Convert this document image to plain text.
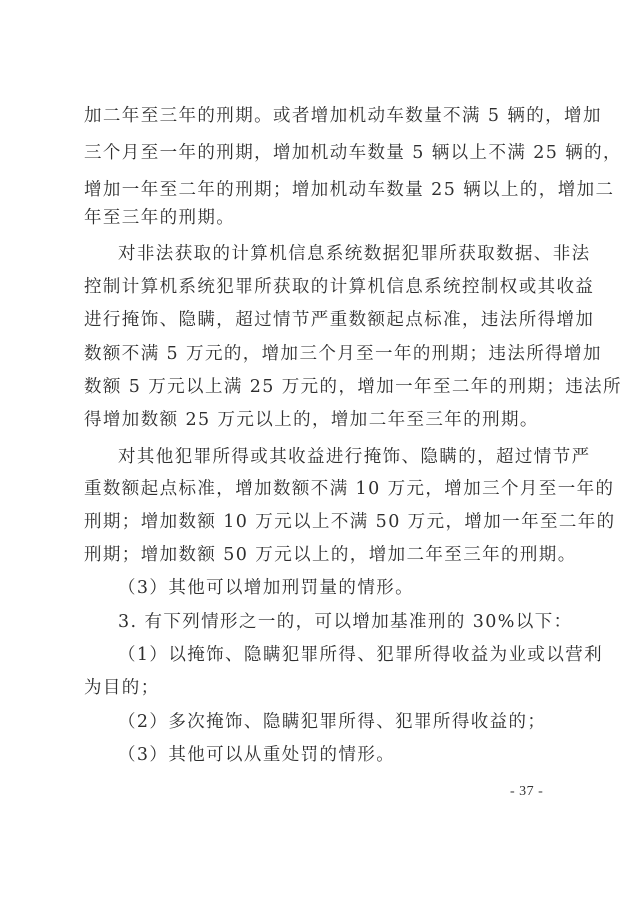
加二年至三年的刑期。或者增加机动车数量不满 5 辆的，增加
三个月至一年的刑期，增加机动车数量 5 辆以上不满 25 辆的，
增加一年至二年的刑期；增加机动车数量 25 辆以上的，增加二
年至三年的刑期。
对非法获取的计算机信息系统数据犯罪所获取数据、非法
控制计算机系统犯罪所获取的计算机信息系统控制权或其收益
进行掩饰、隐瞒，超过情节严重数额起点标准，违法所得增加
数额不满 5 万元的，增加三个月至一年的刑期；违法所得增加
数额 5 万元以上满 25 万元的，增加一年至二年的刑期；违法所
得增加数额 25 万元以上的，增加二年至三年的刑期。
对其他犯罪所得或其收益进行掩饰、隐瞒的，超过情节严
重数额起点标准，增加数额不满 10 万元，增加三个月至一年的
刑期；增加数额 10 万元以上不满 50 万元，增加一年至二年的
刑期；增加数额 50 万元以上的，增加二年至三年的刑期。
（3）其他可以增加刑罚量的情形。
3. 有下列情形之一的，可以增加基准刑的 30%以下：
（1）以掩饰、隐瞒犯罪所得、犯罪所得收益为业或以营利
为目的；
（2）多次掩饰、隐瞒犯罪所得、犯罪所得收益的；
（3）其他可以从重处罚的情形。
- 37 -
